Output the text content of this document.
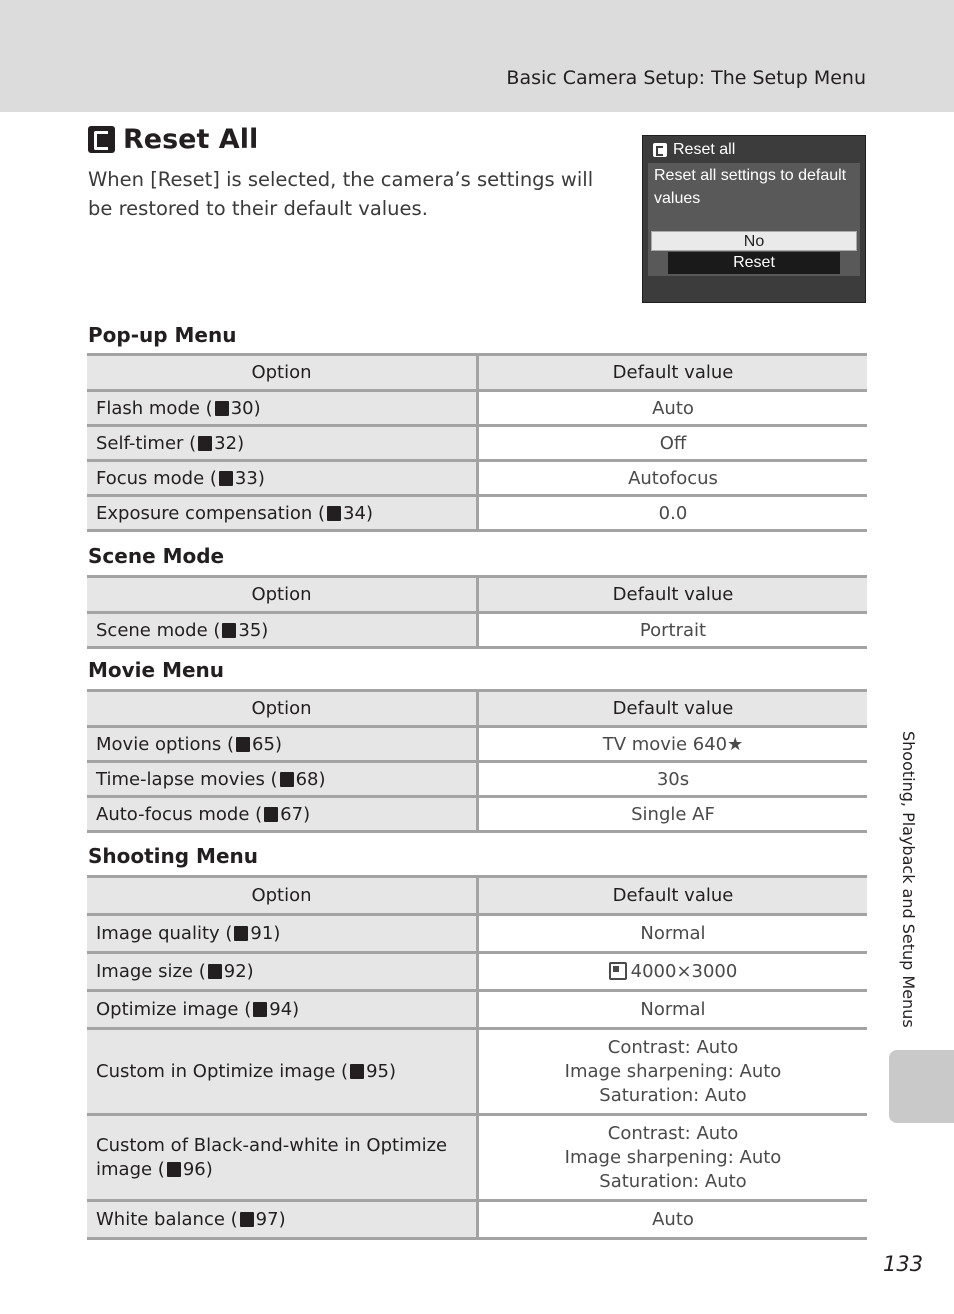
Basic Camera Setup: The Setup Menu
Reset All
When [Reset] is selected, the camera’s settings will be restored to their default values.
Reset all
Reset all settings to default values
No
Reset
Pop-up Menu
Option	Default value
Flash mode ( 30)	Auto
Self-timer ( 32)	Off
Focus mode ( 33)	Autofocus
Exposure compensation ( 34)	0.0
Scene Mode
Option	Default value
Scene mode ( 35)	Portrait
Movie Menu
Option	Default value
Movie options ( 65)	TV movie 640★
Time-lapse movies ( 68)	30s
Auto-focus mode ( 67)	Single AF
Shooting Menu
Option	Default value
Image quality ( 91)	Normal
Image size ( 92)	4000×3000
Optimize image ( 94)	Normal
Custom in Optimize image ( 95)	Contrast: Auto
Image sharpening: Auto
Saturation: Auto
Custom of Black-and-white in Optimize image ( 96)	Contrast: Auto
Image sharpening: Auto
Saturation: Auto
White balance ( 97)	Auto
Shooting, Playback and Setup Menus
133
